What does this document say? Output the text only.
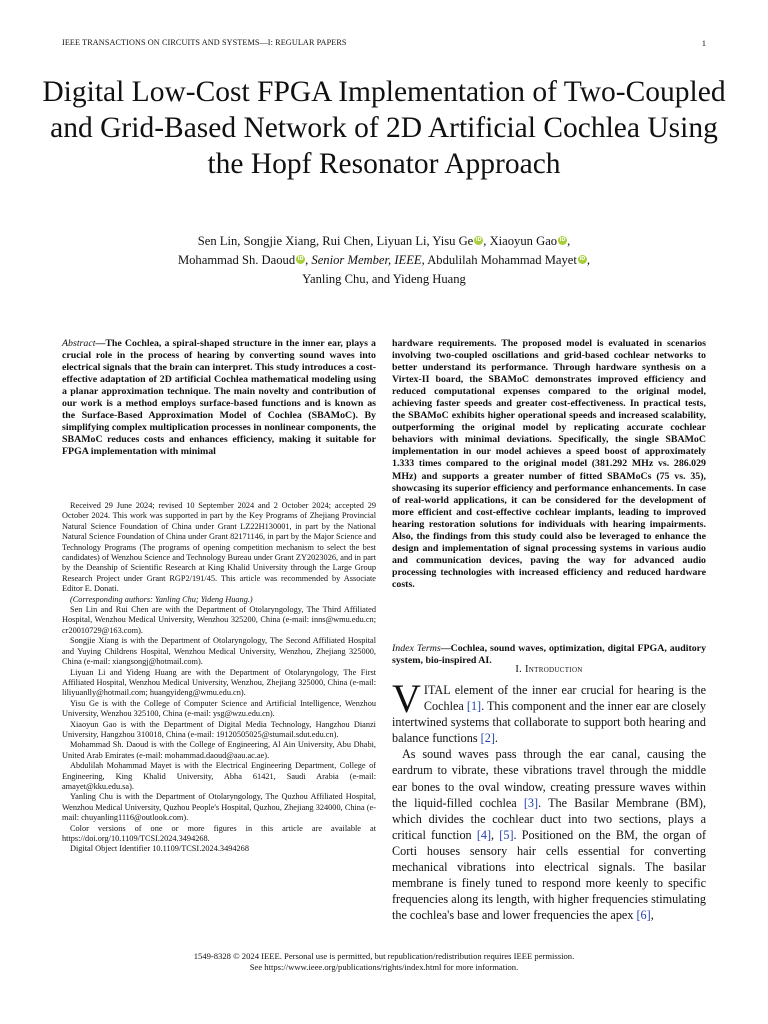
IEEE TRANSACTIONS ON CIRCUITS AND SYSTEMS—I: REGULAR PAPERS	1
Digital Low-Cost FPGA Implementation of Two-Coupled and Grid-Based Network of 2D Artificial Cochlea Using the Hopf Resonator Approach
Sen Lin, Songjie Xiang, Rui Chen, Liyuan Li, Yisu Ge iD , Xiaoyun Gao iD ,
Mohammad Sh. Daoud iD , Senior Member, IEEE, Abdulilah Mohammad Mayet iD ,
Yanling Chu, and Yideng Huang
Abstract—The Cochlea, a spiral-shaped structure in the inner ear, plays a crucial role in the process of hearing by converting sound waves into electrical signals that the brain can interpret. This study introduces a cost-effective adaptation of 2D artificial Cochlea mathematical modeling using a planar approximation technique. The main novelty and contribution of our work is a method employs surface-based functions and is known as the Surface-Based Approximation Model of Cochlea (SBAMoC). By simplifying complex multiplication processes in nonlinear components, the SBAMoC reduces costs and enhances efficiency, making it suitable for FPGA implementation with minimal

Received 29 June 2024; revised 10 September 2024 and 2 October 2024; accepted 29 October 2024. This work was supported in part by the Key Programs of Zhejiang Provincial Natural Science Foundation of China under Grant LZ22H130001, in part by the National Natural Science Foundation of China under Grant 82171146, in part by the Major Science and Technology Programs (The programs of opening competition mechanism to select the best candidates) of Wenzhou Science and Technology Bureau under Grant ZY2023026, and in part by the Deanship of Scientific Research at King Khalid University through the Large Group Research Project under Grant RGP2/191/45. This article was recommended by Associate Editor E. Donati.

(Corresponding authors: Yanling Chu; Yideng Huang.)

Sen Lin and Rui Chen are with the Department of Otolaryngology, The Third Affiliated Hospital, Wenzhou Medical University, Wenzhou 325200, China (e-mail: inns@wmu.edu.cn; cr20010729@163.com).

Songjie Xiang is with the Department of Otolaryngology, The Second Affiliated Hospital and Yuying Childrens Hospital, Wenzhou Medical University, Wenzhou, Zhejiang 325000, China (e-mail: xiangsongj@hotmail.com).

Liyuan Li and Yideng Huang are with the Department of Otolaryngology, The First Affiliated Hospital, Wenzhou Medical University, Wenzhou, Zhejiang 325000, China (e-mail: liliyuanlly@hotmail.com; huangyideng@wmu.edu.cn).

Yisu Ge is with the College of Computer Science and Artificial Intelligence, Wenzhou University, Wenzhou 325100, China (e-mail: ysg@wzu.edu.cn).

Xiaoyun Gao is with the Department of Digital Media Technology, Hangzhou Dianzi University, Hangzhou 310018, China (e-mail: 19120505025@stumail.sdut.edu.cn).

Mohammad Sh. Daoud is with the College of Engineering, Al Ain University, Abu Dhabi, United Arab Emirates (e-mail: mohammad.daoud@aau.ac.ae).

Abdulilah Mohammad Mayet is with the Electrical Engineering Department, College of Engineering, King Khalid University, Abha 61421, Saudi Arabia (e-mail: amayet@kku.edu.sa).

Yanling Chu is with the Department of Otolaryngology, The Quzhou Affiliated Hospital, Wenzhou Medical University, Quzhou People's Hospital, Quzhou, Zhejiang 324000, China (e-mail: chuyanling1116@outlook.com).

Color versions of one or more figures in this article are available at https://doi.org/10.1109/TCSI.2024.3494268.

Digital Object Identifier 10.1109/TCSI.2024.3494268

hardware requirements. The proposed model is evaluated in scenarios involving two-coupled oscillations and grid-based cochlear networks to better understand its performance. Through hardware synthesis on a Virtex-II board, the SBAMoC demonstrates improved efficiency and reduced computational expenses compared to the original model, achieving faster speeds and greater cost-effectiveness. In practical tests, the SBAMoC exhibits higher operational speeds and increased scalability, outperforming the original model by replicating accurate cochlear behaviors with minimal deviations. Specifically, the single SBAMoC implementation in our model achieves a speed boost of approximately 1.333 times compared to the original model (381.292 MHz vs. 286.029 MHz) and supports a greater number of fitted SBAMoCs (75 vs. 35), showcasing its superior efficiency and performance enhancements. In case of real-world applications, it can be considered for the development of more efficient and cost-effective cochlear implants, leading to improved hearing restoration solutions for individuals with hearing impairments. Also, the findings from this study could also be leveraged to enhance the design and implementation of signal processing systems in various audio and communication devices, paving the way for advanced audio processing technologies with increased efficiency and reduced hardware costs.
Index Terms—Cochlea, sound waves, optimization, digital FPGA, auditory system, bio-inspired AI.
I. Introduction

VITAL element of the inner ear crucial for hearing is the Cochlea [1]. This component and the inner ear are closely intertwined systems that collaborate to support both hearing and balance functions [2].

As sound waves pass through the ear canal, causing the eardrum to vibrate, these vibrations travel through the middle ear bones to the oval window, creating pressure waves within the liquid-filled cochlea [3]. The Basilar Membrane (BM), which divides the cochlear duct into two sections, plays a critical function [4], [5]. Positioned on the BM, the organ of Corti houses sensory hair cells essential for converting mechanical vibrations into electrical signals. The basilar membrane is finely tuned to respond more keenly to specific frequencies along its length, with higher frequencies stimulating the cochlea's base and lower frequencies the apex [6],

1549-8328 © 2024 IEEE. Personal use is permitted, but republication/redistribution requires IEEE permission.
See https://www.ieee.org/publications/rights/index.html for more information.
